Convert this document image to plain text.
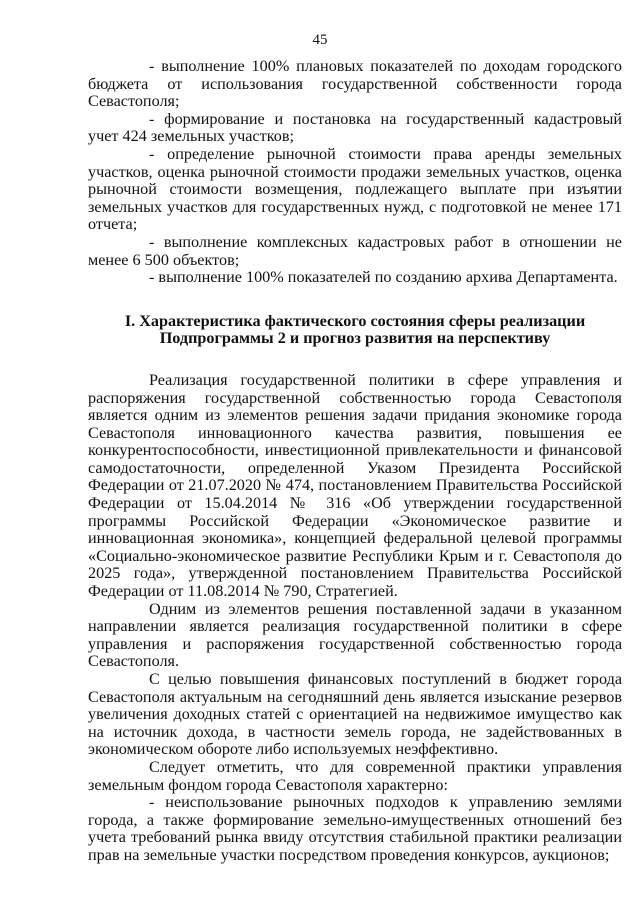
45

- выполнение 100% плановых показателей по доходам городского бюджета от использования государственной собственности города Севастополя;

- формирование и постановка на государственный кадастровый учет 424 земельных участков;

- определение рыночной стоимости права аренды земельных участков, оценка рыночной стоимости продажи земельных участков, оценка рыночной стоимости возмещения, подлежащего выплате при изъятии земельных участков для государственных нужд, с подготовкой не менее 171 отчета;

- выполнение комплексных кадастровых работ в отношении не менее 6 500 объектов;

- выполнение 100% показателей по созданию архива Департамента.

I. Характеристика фактического состояния сферы реализации
Подпрограммы 2 и прогноз развития на перспективу

Реализация государственной политики в сфере управления и распоряжения государственной собственностью города Севастополя является одним из элементов решения задачи придания экономике города Севастополя инновационного качества развития, повышения ее конкурентоспособности, инвестиционной привлекательности и финансовой самодостаточности, определенной Указом Президента Российской Федерации от 21.07.2020 № 474, постановлением Правительства Российской Федерации от 15.04.2014 № 316 «Об утверждении государственной программы Российской Федерации «Экономическое развитие и инновационная экономика», концепцией федеральной целевой программы «Социально-экономическое развитие Республики Крым и г. Севастополя до 2025 года», утвержденной постановлением Правительства Российской Федерации от 11.08.2014 № 790, Стратегией.

Одним из элементов решения поставленной задачи в указанном направлении является реализация государственной политики в сфере управления и распоряжения государственной собственностью города Севастополя.

С целью повышения финансовых поступлений в бюджет города Севастополя актуальным на сегодняшний день является изыскание резервов увеличения доходных статей с ориентацией на недвижимое имущество как на источник дохода, в частности земель города, не задействованных в экономическом обороте либо используемых неэффективно.

Следует отметить, что для современной практики управления земельным фондом города Севастополя характерно:

- неиспользование рыночных подходов к управлению землями города, а также формирование земельно-имущественных отношений без учета требований рынка ввиду отсутствия стабильной практики реализации прав на земельные участки посредством проведения конкурсов, аукционов;
